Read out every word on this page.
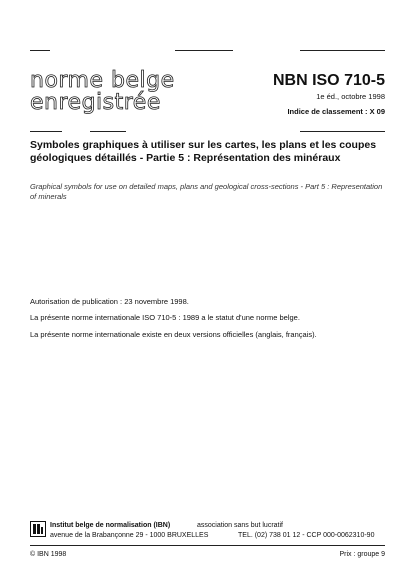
norme belge
enregistrée
NBN ISO 710-5
1e éd., octobre 1998
Indice de classement : X 09
Symboles graphiques à utiliser sur les cartes, les plans et les coupes géologiques détaillés - Partie 5 : Représentation des minéraux
Graphical symbols for use on detailed maps, plans and geological cross-sections - Part 5 : Representation of minerals
Autorisation de publication : 23 novembre 1998.
La présente norme internationale ISO 710-5 : 1989 a le statut d'une norme belge.
La présente norme internationale existe en deux versions officielles (anglais, français).
Institut belge de normalisation (IBN)	association sans but lucratif
avenue de la Brabançonne 29 - 1000 BRUXELLES	TEL. (02) 738 01 12 - CCP 000-0062310-90
© IBN 1998	Prix : groupe 9
